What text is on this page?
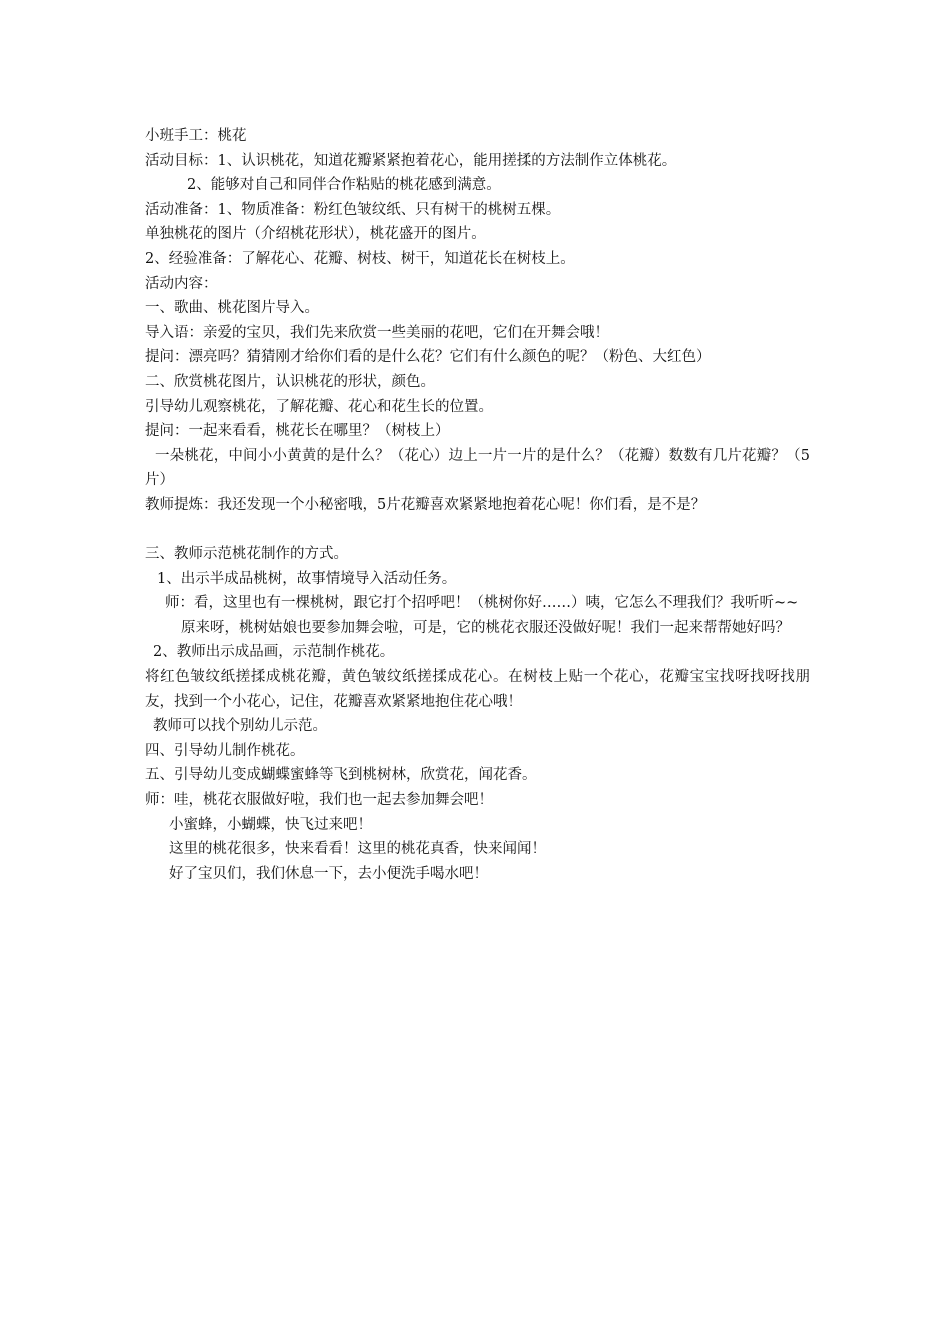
小班手工：桃花
活动目标：1、认识桃花，知道花瓣紧紧抱着花心，能用搓揉的方法制作立体桃花。
2、能够对自己和同伴合作粘贴的桃花感到满意。
活动准备：1、物质准备：粉红色皱纹纸、只有树干的桃树五棵。
单独桃花的图片（介绍桃花形状），桃花盛开的图片。
2、经验准备：了解花心、花瓣、树枝、树干，知道花长在树枝上。
活动内容：
一、歌曲、桃花图片导入。
导入语：亲爱的宝贝，我们先来欣赏一些美丽的花吧，它们在开舞会哦！
提问：漂亮吗？猜猜刚才给你们看的是什么花？它们有什么颜色的呢？（粉色、大红色）
二、欣赏桃花图片，认识桃花的形状，颜色。
引导幼儿观察桃花，了解花瓣、花心和花生长的位置。
提问：一起来看看，桃花长在哪里？（树枝上）
一朵桃花，中间小小黄黄的是什么？（花心）边上一片一片的是什么？（花瓣）数数有几片花瓣？（5片）
教师提炼：我还发现一个小秘密哦，5片花瓣喜欢紧紧地抱着花心呢！你们看，是不是？
三、教师示范桃花制作的方式。
1、出示半成品桃树，故事情境导入活动任务。
师：看，这里也有一棵桃树，跟它打个招呼吧！（桃树你好……）咦，它怎么不理我们？我听听~~
原来呀，桃树姑娘也要参加舞会啦，可是，它的桃花衣服还没做好呢！我们一起来帮帮她好吗？
2、教师出示成品画，示范制作桃花。
将红色皱纹纸搓揉成桃花瓣，黄色皱纹纸搓揉成花心。在树枝上贴一个花心，花瓣宝宝找呀找呀找朋友，找到一个小花心，记住，花瓣喜欢紧紧地抱住花心哦！
教师可以找个别幼儿示范。
四、引导幼儿制作桃花。
五、引导幼儿变成蝴蝶蜜蜂等飞到桃树林，欣赏花，闻花香。
师：哇，桃花衣服做好啦，我们也一起去参加舞会吧！
小蜜蜂，小蝴蝶，快飞过来吧！
这里的桃花很多，快来看看！这里的桃花真香，快来闻闻！
好了宝贝们，我们休息一下，去小便洗手喝水吧！
